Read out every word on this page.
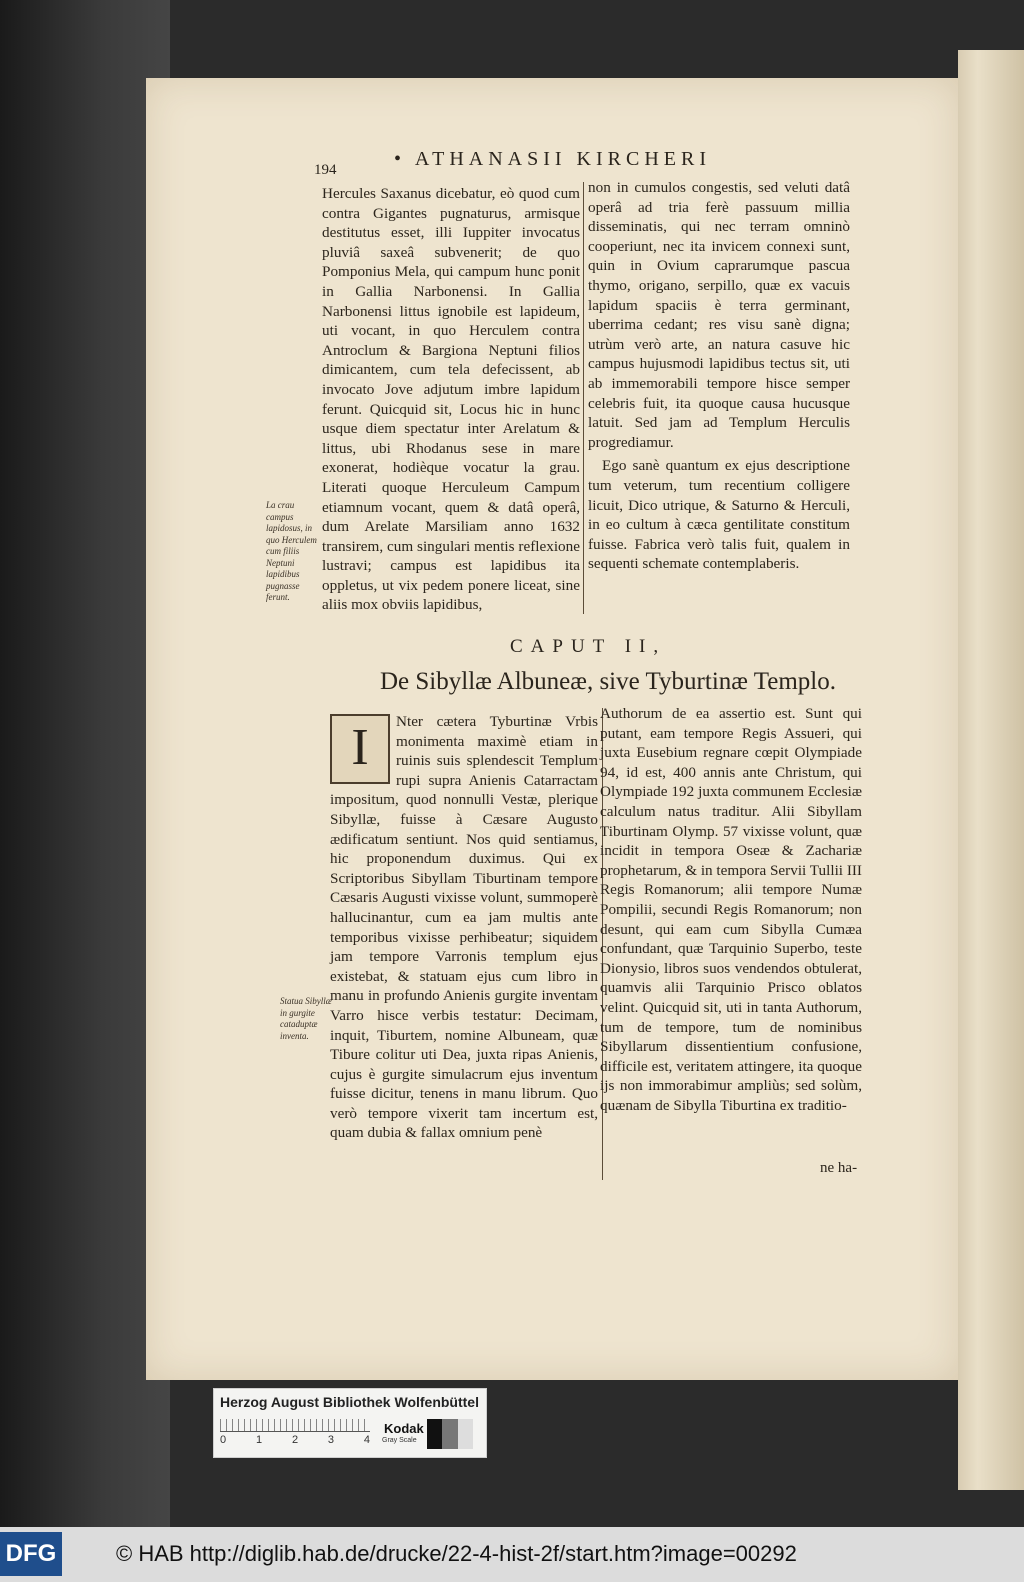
194	• ATHANASII KIRCHERI

Hercules Saxanus dicebatur, eò quod cum contra Gigantes pugnaturus, armisque destitutus esset, illi Iuppiter invocatus pluviâ saxeâ subvenerit; de quo Pomponius Mela, qui campum hunc ponit in Gallia Narbonensi. In Gallia Narbonensi littus ignobile est lapideum, uti vocant, in quo Herculem contra Antroclum & Bargiona Neptuni filios dimicantem, cum tela defecissent, ab invocato Jove adjutum imbre lapidum ferunt. Quicquid sit, Locus hic in hunc usque diem spectatur inter Arelatum & littus, ubi Rhodanus sese in mare exonerat, hodièque vocatur la grau. Literati quoque Herculeum Campum etiamnum vocant, quem & datâ operâ, dum Arelate Marsiliam anno 1632 transirem, cum singulari mentis reflexione lustravi; campus est lapidibus ita oppletus, ut vix pedem ponere liceat, sine aliis mox obviis lapidibus,

non in cumulos congestis, sed veluti datâ operâ ad tria ferè passuum millia disseminatis, qui nec terram omninò cooperiunt, nec ita invicem connexi sunt, quin in Ovium caprarumque pascua thymo, origano, serpillo, quæ ex vacuis lapidum spaciis è terra germinant, uberrima cedant; res visu sanè digna; utrùm verò arte, an natura casuve hic campus hujusmodi lapidibus tectus sit, uti ab immemorabili tempore hisce semper celebris fuit, ita quoque causa hucusque latuit. Sed jam ad Templum Herculis progrediamur.

Ego sanè quantum ex ejus descriptione tum veterum, tum recentium colligere licuit, Dico utrique, & Saturno & Herculi, in eo cultum à cæca gentilitate constitum fuisse. Fabrica verò talis fuit, qualem in sequenti schemate contemplaberis.

La crau campus lapidosus, in quo Herculem cum filiis Neptuni lapidibus pugnasse ferunt.
CAPUT II,
De Sibyllæ Albuneæ, sive Tyburtinæ Templo.
I	Nter cætera Tyburtinæ Vrbis monimenta maximè etiam in ruinis suis splendescit Templum rupi supra Anienis Catarractam impositum, quod nonnulli Vestæ, plerique Sibyllæ, fuisse à Cæsare Augusto ædificatum sentiunt. Nos quid sentiamus, hic proponendum duximus. Qui ex Scriptoribus Sibyllam Tiburtinam tempore Cæsaris Augusti vixisse volunt, summoperè hallucinantur, cum ea jam multis ante temporibus vixisse perhibeatur; siquidem jam tempore Varronis templum ejus existebat, & statuam ejus cum libro in manu in profundo Anienis gurgite inventam Varro hisce verbis testatur: Decimam, inquit, Tiburtem, nomine Albuneam, quæ Tibure colitur uti Dea, juxta ripas Anienis, cujus è gurgite simulacrum ejus inventum fuisse dicitur, tenens in manu librum. Quo verò tempore vixerit tam incertum est, quam dubia & fallax omnium penè

Authorum de ea assertio est. Sunt qui putant, eam tempore Regis Assueri, qui juxta Eusebium regnare cœpit Olympiade 94, id est, 400 annis ante Christum, qui Olympiade 192 juxta communem Ecclesiæ calculum natus traditur. Alii Sibyllam Tiburtinam Olymp. 57 vixisse volunt, quæ incidit in tempora Oseæ & Zachariæ prophetarum, & in tempora Servii Tullii III Regis Romanorum; alii tempore Numæ Pompilii, secundi Regis Romanorum; non desunt, qui eam cum Sibylla Cumæa confundant, quæ Tarquinio Superbo, teste Dionysio, libros suos vendendos obtulerat, quamvis alii Tarquinio Prisco oblatos velint. Quicquid sit, uti in tanta Authorum, tum de tempore, tum de nominibus Sibyllarum dissentientium confusione, difficile est, veritatem attingere, ita quoque ijs non immorabimur ampliùs; sed solùm, quænam de Sibylla Tiburtina ex traditio-

Statua Sibyllæ in gurgite cataduptæ inventa.
ne ha-
Herzog August Bibliothek Wolfenbüttel
0	1	2	3	4
Kodak
Gray Scale
DFG	© HAB http://diglib.hab.de/drucke/22-4-hist-2f/start.htm?image=00292
